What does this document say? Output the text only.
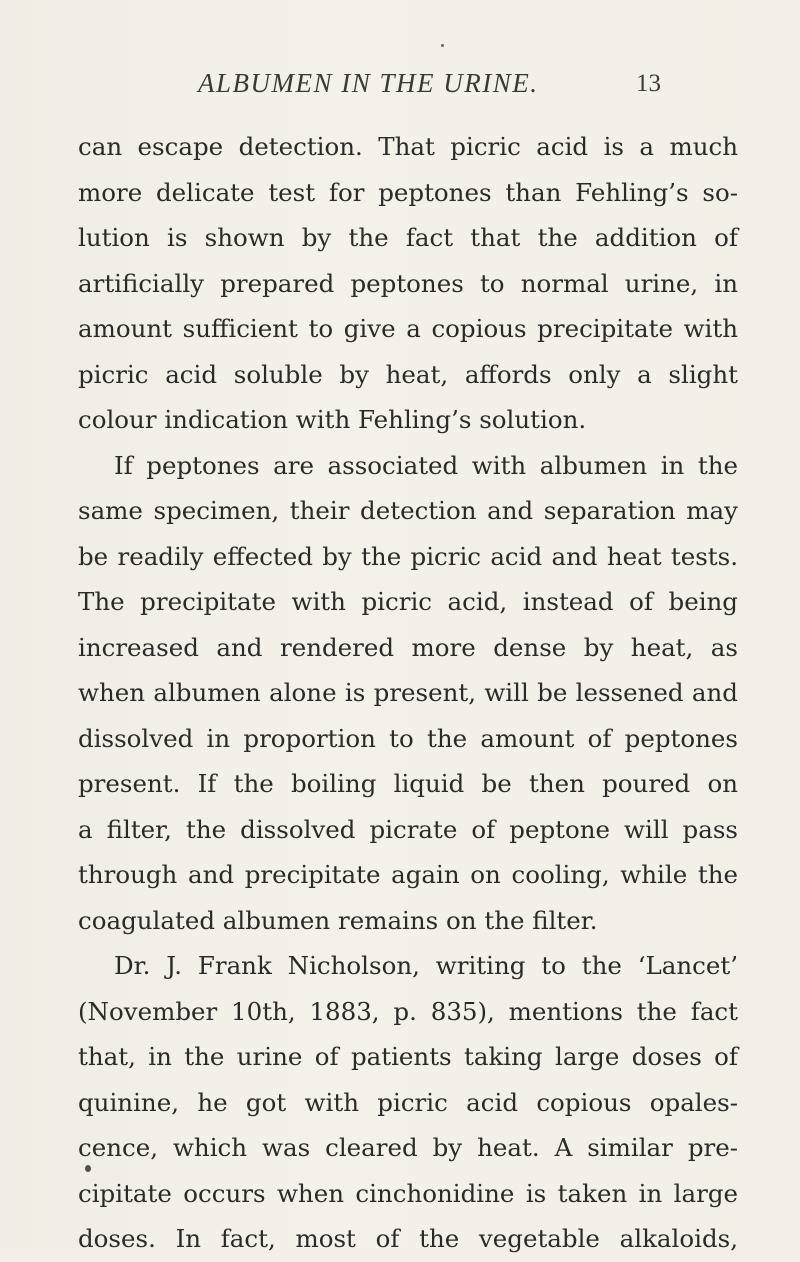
ALBUMEN IN THE URINE.	13
can escape detection. That picric acid is a much
more delicate test for peptones than Fehling’s so-
lution is shown by the fact that the addition of
artificially prepared peptones to normal urine, in
amount sufficient to give a copious precipitate with
picric acid soluble by heat, affords only a slight
colour indication with Fehling’s solution.
If peptones are associated with albumen in the
same specimen, their detection and separation may
be readily effected by the picric acid and heat tests.
The precipitate with picric acid, instead of being
increased and rendered more dense by heat, as
when albumen alone is present, will be lessened and
dissolved in proportion to the amount of peptones
present. If the boiling liquid be then poured on
a filter, the dissolved picrate of peptone will pass
through and precipitate again on cooling, while the
coagulated albumen remains on the filter.
Dr. J. Frank Nicholson, writing to the ‘Lancet’
(November 10th, 1883, p. 835), mentions the fact
that, in the urine of patients taking large doses of
quinine, he got with picric acid copious opales-
cence, which was cleared by heat. A similar pre-
cipitate occurs when cinchonidine is taken in large
doses. In fact, most of the vegetable alkaloids,
